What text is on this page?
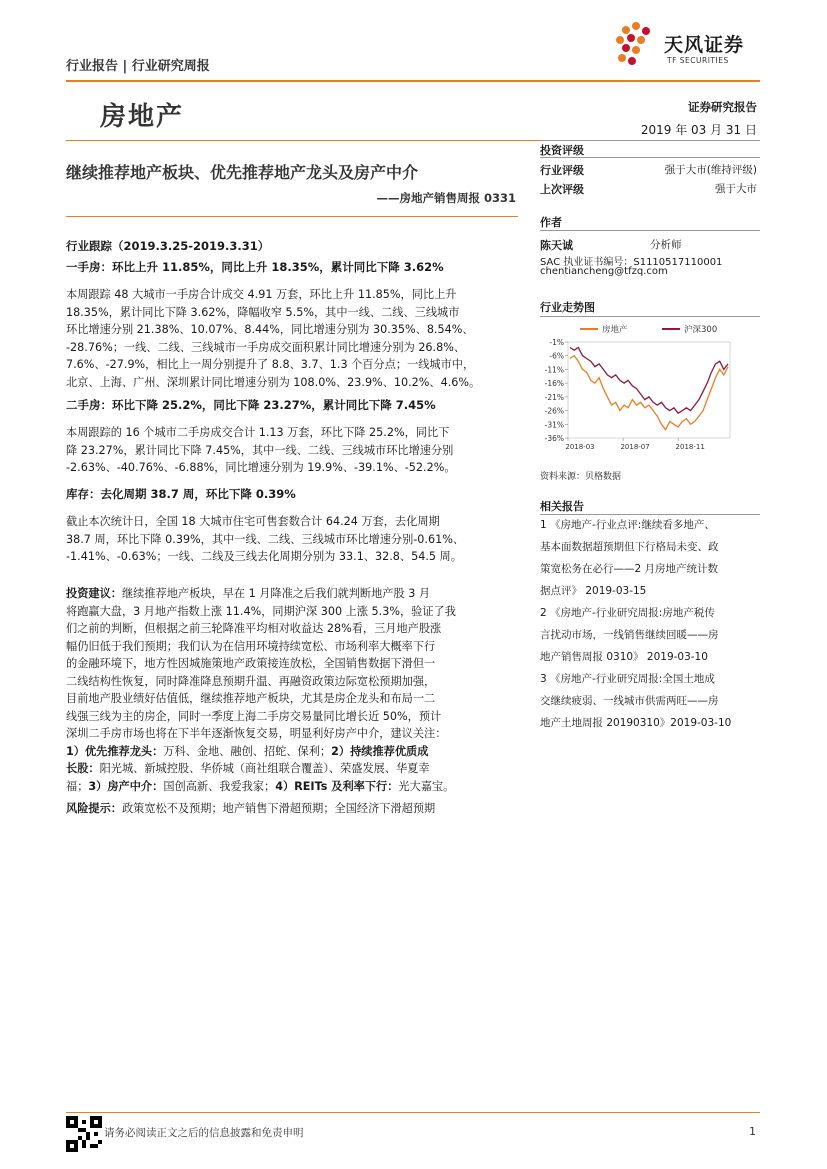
天风证券
TF SECURITIES
行业报告 | 行业研究周报
房地产	证券研究报告
2019 年 03 月 31 日
继续推荐地产板块、优先推荐地产龙头及房产中介
——房地产销售周报 0331
行业跟踪（2019.3.25-2019.3.31）
一手房：环比上升 11.85%，同比上升 18.35%，累计同比下降 3.62%
本周跟踪 48 大城市一手房合计成交 4.91 万套，环比上升 11.85%，同比上升
18.35%，累计同比下降 3.62%，降幅收窄 5.5%，其中一线、二线、三线城市
环比增速分别 21.38%、10.07%、8.44%，同比增速分别为 30.35%、8.54%、
-28.76%；一线、二线、三线城市一手房成交面积累计同比增速分别为 26.8%、
7.6%、-27.9%，相比上一周分别提升了 8.8、3.7、1.3 个百分点；一线城市中，
北京、上海、广州、深圳累计同比增速分别为 108.0%、23.9%、10.2%、4.6%。
二手房：环比下降 25.2%，同比下降 23.27%，累计同比下降 7.45%
本周跟踪的 16 个城市二手房成交合计 1.13 万套，环比下降 25.2%，同比下
降 23.27%，累计同比下降 7.45%，其中一线、二线、三线城市环比增速分别
-2.63%、-40.76%、-6.88%，同比增速分别为 19.9%、-39.1%、-52.2%。
库存：去化周期 38.7 周，环比下降 0.39%
截止本次统计日，全国 18 大城市住宅可售套数合计 64.24 万套，去化周期
38.7 周，环比下降 0.39%，其中一线、二线、三线城市环比增速分别-0.61%、
-1.41%、-0.63%；一线、二线及三线去化周期分别为 33.1、32.8、54.5 周。
投资建议：继续推荐地产板块，早在 1 月降准之后我们就判断地产股 3 月
将跑赢大盘，3 月地产指数上涨 11.4%，同期沪深 300 上涨 5.3%，验证了我
们之前的判断，但根据之前三轮降准平均相对收益达 28%看，三月地产股涨
幅仍旧低于我们预期；我们认为在信用环境持续宽松、市场利率大概率下行
的金融环境下，地方性因城施策地产政策接连放松，全国销售数据下滑但一
二线结构性恢复，同时降准降息预期升温、再融资政策边际宽松预期加强，
目前地产股业绩好估值低，继续推荐地产板块，尤其是房企龙头和布局一二
线强三线为主的房企，同时一季度上海二手房交易量同比增长近 50%，预计
深圳二手房市场也将在下半年逐渐恢复交易，明显利好房产中介，建议关注：
1）优先推荐龙头：万科、金地、融创、招蛇、保利；2）持续推荐优质成
长股：阳光城、新城控股、华侨城（商社组联合覆盖）、荣盛发展、华夏幸
福；3）房产中介：国创高新、我爱我家；4）REITs 及利率下行：光大嘉宝。
风险提示：政策宽松不及预期；地产销售下滑超预期；全国经济下滑超预期
投资评级
行业评级	强于大市(维持评级)
上次评级	强于大市
作者
陈天诚	分析师
SAC 执业证书编号：S1110517110001
chentiancheng@tfzq.com
行业走势图
-1%
-6%
-11%
-16%
-21%
-26%
-31%
-36%
2018-03	2018-07	2018-11
房地产	沪深300
资料来源：贝格数据
相关报告
1 《房地产-行业点评:继续看多地产、
基本面数据超预期但下行格局未变、政
策宽松务在必行——2 月房地产统计数
据点评》 2019-03-15
2 《房地产-行业研究周报:房地产税传
言扰动市场，一线销售继续回暖——房
地产销售周报 0310》 2019-03-10
3 《房地产-行业研究周报:全国土地成
交继续疲弱、一线城市供需两旺——房
地产土地周报 20190310》2019-03-10
请务必阅读正文之后的信息披露和免责申明	1
